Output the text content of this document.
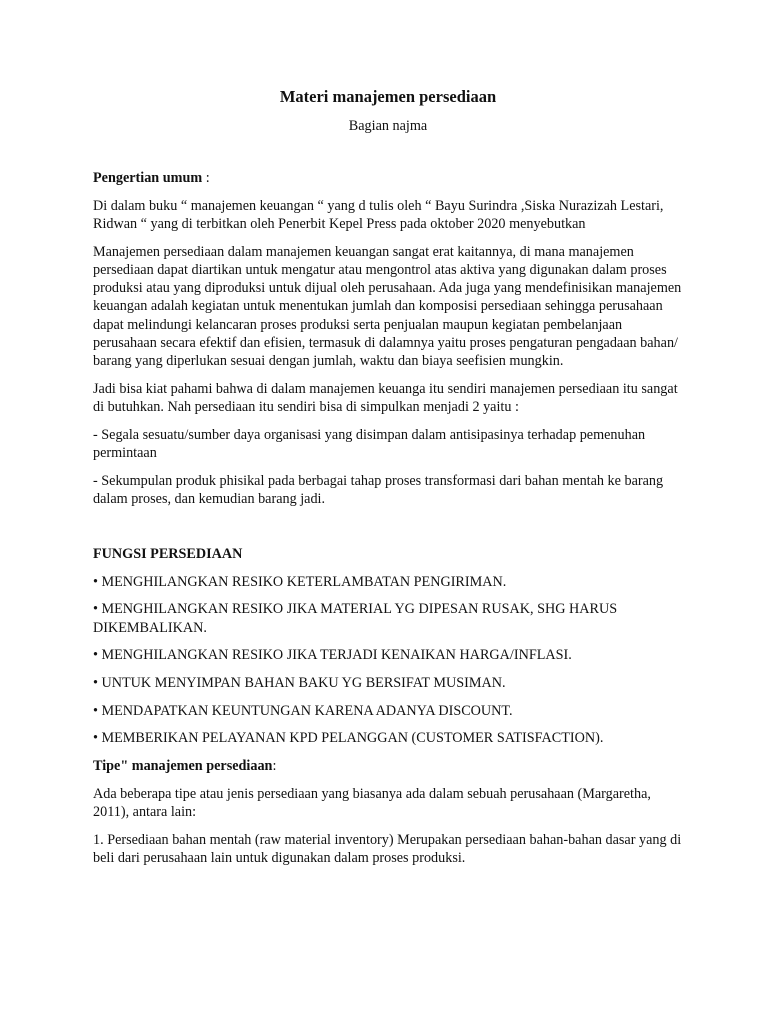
Materi manajemen persediaan

Bagian najma

Pengertian umum :

Di dalam buku “ manajemen keuangan “ yang d tulis oleh “ Bayu Surindra ,Siska Nurazizah Lestari, Ridwan “ yang di terbitkan oleh Penerbit Kepel Press pada oktober 2020 menyebutkan

Manajemen persediaan dalam manajemen keuangan sangat erat kaitannya, di mana manajemen persediaan dapat diartikan untuk mengatur atau mengontrol atas aktiva yang digunakan dalam proses produksi atau yang diproduksi untuk dijual oleh perusahaan. Ada juga yang mendefinisikan manajemen keuangan adalah kegiatan untuk menentukan jumlah dan komposisi persediaan sehingga perusahaan dapat melindungi kelancaran proses produksi serta penjualan maupun kegiatan pembelanjaan perusahaan secara efektif dan efisien, termasuk di dalamnya yaitu proses pengaturan pengadaan bahan/ barang yang diperlukan sesuai dengan jumlah, waktu dan biaya seefisien mungkin.

Jadi bisa kiat pahami bahwa di dalam manajemen keuanga itu sendiri manajemen persediaan itu sangat di butuhkan. Nah persediaan itu sendiri bisa di simpulkan menjadi 2 yaitu :

- Segala sesuatu/sumber daya organisasi yang disimpan dalam antisipasinya terhadap pemenuhan permintaan

- Sekumpulan produk phisikal pada berbagai tahap proses transformasi dari bahan mentah ke barang dalam proses, dan kemudian barang jadi.

FUNGSI PERSEDIAAN

• MENGHILANGKAN RESIKO KETERLAMBATAN PENGIRIMAN.

• MENGHILANGKAN RESIKO JIKA MATERIAL YG DIPESAN RUSAK, SHG HARUS DIKEMBALIKAN.

• MENGHILANGKAN RESIKO JIKA TERJADI KENAIKAN HARGA/INFLASI.

• UNTUK MENYIMPAN BAHAN BAKU YG BERSIFAT MUSIMAN.

• MENDAPATKAN KEUNTUNGAN KARENA ADANYA DISCOUNT.

• MEMBERIKAN PELAYANAN KPD PELANGGAN (CUSTOMER SATISFACTION).

Tipe" manajemen persediaan:

Ada beberapa tipe atau jenis persediaan yang biasanya ada dalam sebuah perusahaan (Margaretha, 2011), antara lain:

1. Persediaan bahan mentah (raw material inventory) Merupakan persediaan bahan-bahan dasar yang di beli dari perusahaan lain untuk digunakan dalam proses produksi.
